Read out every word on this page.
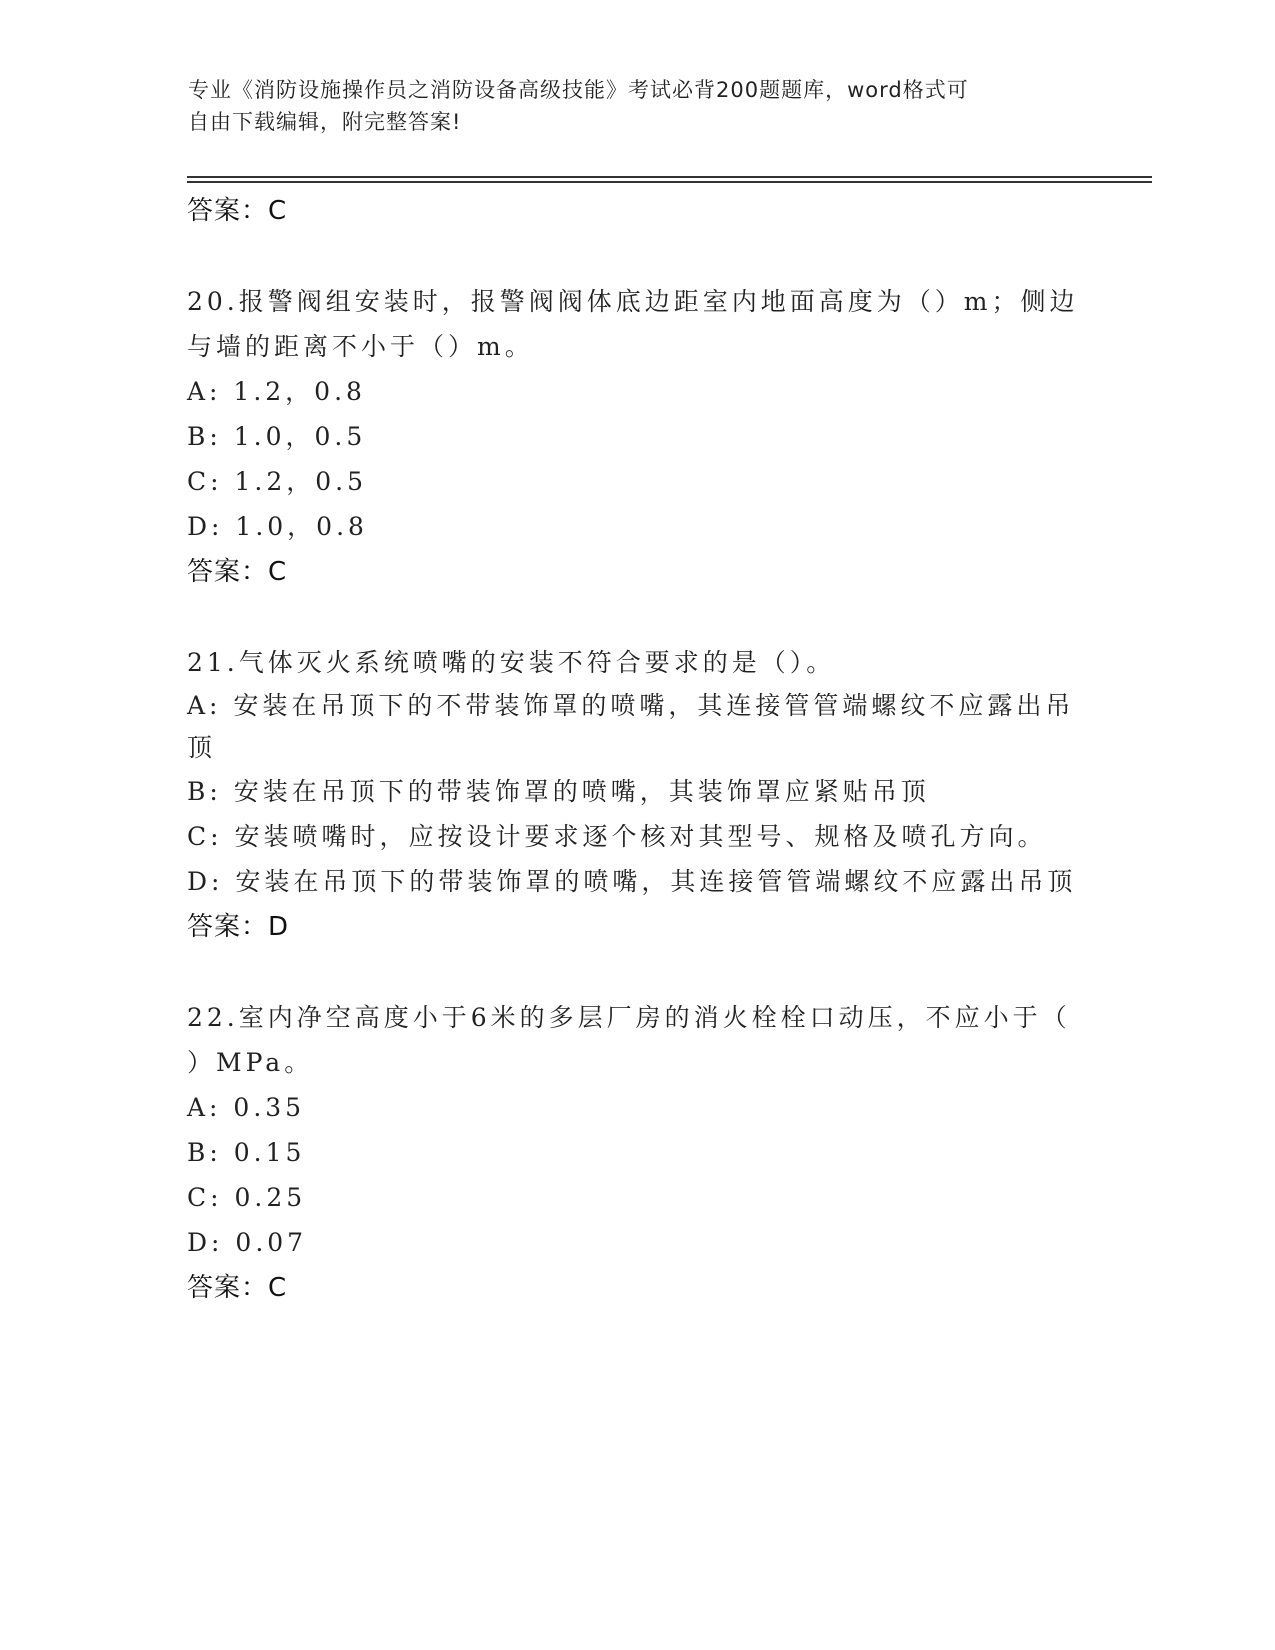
专业《消防设施操作员之消防设备高级技能》考试必背200题题库，word格式可
自由下载编辑，附完整答案!
答案：C
20.报警阀组安装时，报警阀阀体底边距室内地面高度为（）m；侧边
与墙的距离不小于（）m。
A: 1.2，0.8
B: 1.0，0.5
C: 1.2，0.5
D: 1.0，0.8
答案：C
21.气体灭火系统喷嘴的安装不符合要求的是（）。
A: 安装在吊顶下的不带装饰罩的喷嘴，其连接管管端螺纹不应露出吊顶
B: 安装在吊顶下的带装饰罩的喷嘴，其装饰罩应紧贴吊顶
C: 安装喷嘴时，应按设计要求逐个核对其型号、规格及喷孔方向。
D: 安装在吊顶下的带装饰罩的喷嘴，其连接管管端螺纹不应露出吊顶
答案：D
22.室内净空高度小于6米的多层厂房的消火栓栓口动压，不应小于（
）MPa。
A: 0.35
B: 0.15
C: 0.25
D: 0.07
答案：C
